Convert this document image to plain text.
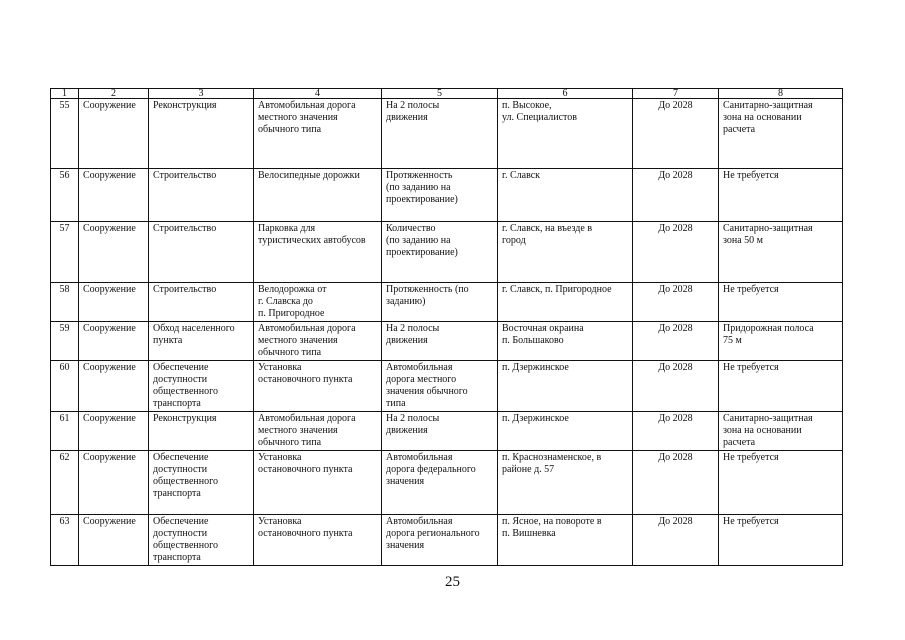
1	2	3	4	5	6	7	8
55	Сооружение	Реконструкция	Автомобильная дорога
местного значения
обычного типа	На 2 полосы
движения	п. Высокое,
ул. Специалистов	До 2028	Санитарно-защитная
зона на основании
расчета
56	Сооружение	Строительство	Велосипедные дорожки	Протяженность
(по заданию на
проектирование)	г. Славск	До 2028	Не требуется
57	Сооружение	Строительство	Парковка для
туристических автобусов	Количество
(по заданию на
проектирование)	г. Славск, на въезде в
город	До 2028	Санитарно-защитная
зона 50 м
58	Сооружение	Строительство	Велодорожка от
г. Славска до
п. Пригородное	Протяженность (по
заданию)	г. Славск, п. Пригородное	До 2028	Не требуется
59	Сооружение	Обход населенного
пункта	Автомобильная дорога
местного значения
обычного типа	На 2 полосы
движения	Восточная окраина
п. Большаково	До 2028	Придорожная полоса
75 м
60	Сооружение	Обеспечение
доступности
общественного
транспорта	Установка
остановочного пункта	Автомобильная
дорога местного
значения обычного
типа	п. Дзержинское	До 2028	Не требуется
61	Сооружение	Реконструкция	Автомобильная дорога
местного значения
обычного типа	На 2 полосы
движения	п. Дзержинское	До 2028	Санитарно-защитная
зона на основании
расчета
62	Сооружение	Обеспечение
доступности
общественного
транспорта	Установка
остановочного пункта	Автомобильная
дорога федерального
значения	п. Краснознаменское, в
районе д. 57	До 2028	Не требуется
63	Сооружение	Обеспечение
доступности
общественного
транспорта	Установка
остановочного пункта	Автомобильная
дорога регионального
значения	п. Ясное, на повороте в
п. Вишневка	До 2028	Не требуется
25
